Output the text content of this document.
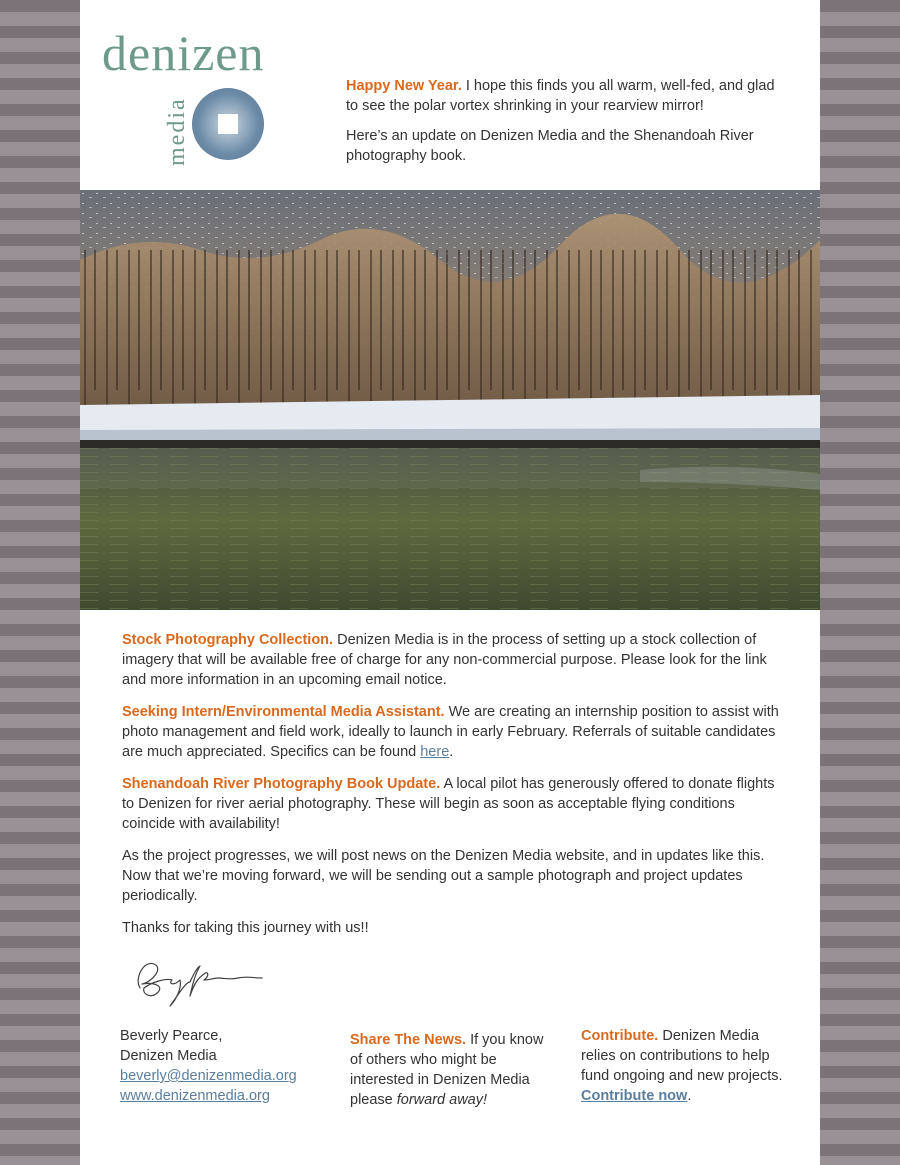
denizen
media

Happy New Year. I hope this finds you all warm, well-fed, and glad to see the polar vortex shrinking in your rearview mirror!

Here’s an update on Denizen Media and the Shenandoah River photography book.

Stock Photography Collection. Denizen Media is in the process of setting up a stock collection of imagery that will be available free of charge for any non-commercial purpose. Please look for the link and more information in an upcoming email notice.

Seeking Intern/Environmental Media Assistant. We are creating an internship position to assist with photo management and field work, ideally to launch in early February. Referrals of suitable candidates are much appreciated. Specifics can be found here.

Shenandoah River Photography Book Update. A local pilot has generously offered to donate flights to Denizen for river aerial photography. These will begin as soon as acceptable flying conditions coincide with availability!

As the project progresses, we will post news on the Denizen Media website, and in updates like this. Now that we’re moving forward, we will be sending out a sample photograph and project updates periodically.

Thanks for taking this journey with us!!

Beverly Pearce,
Denizen Media
beverly@denizenmedia.org
www.denizenmedia.org
Share The News. If you know of others who might be interested in Denizen Media please forward away!
Contribute. Denizen Media relies on contributions to help fund ongoing and new projects. Contribute now.
